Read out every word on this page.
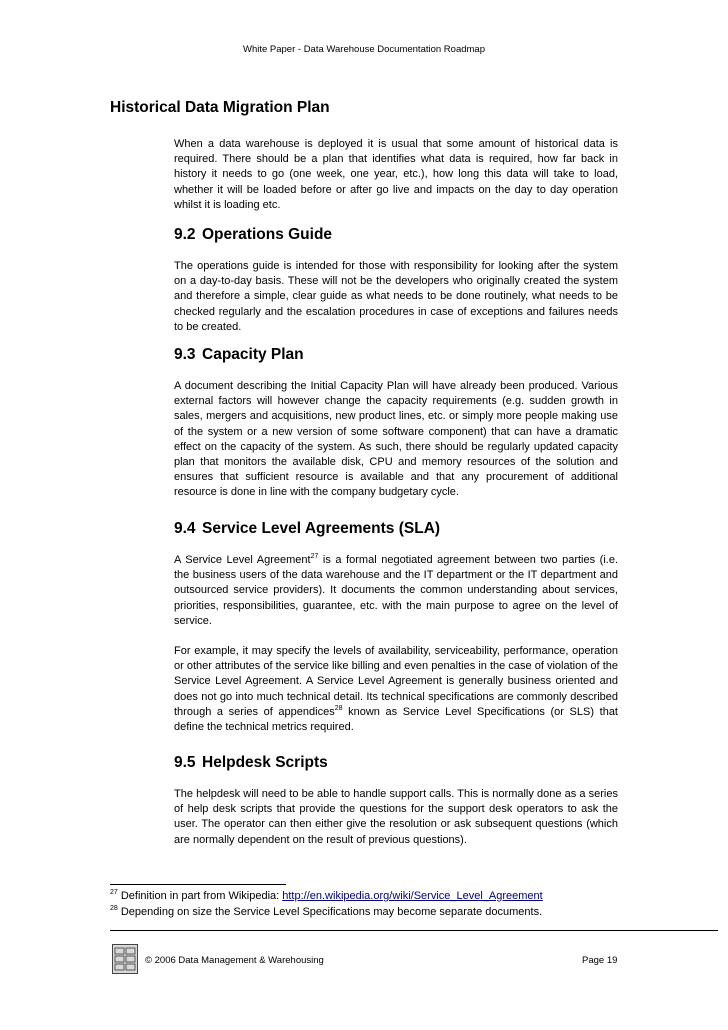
White Paper - Data Warehouse Documentation Roadmap
Historical Data Migration Plan

When a data warehouse is deployed it is usual that some amount of historical data is required. There should be a plan that identifies what data is required, how far back in history it needs to go (one week, one year, etc.), how long this data will take to load, whether it will be loaded before or after go live and impacts on the day to day operation whilst it is loading etc.

9.2 Operations Guide

The operations guide is intended for those with responsibility for looking after the system on a day-to-day basis. These will not be the developers who originally created the system and therefore a simple, clear guide as what needs to be done routinely, what needs to be checked regularly and the escalation procedures in case of exceptions and failures needs to be created.

9.3 Capacity Plan

A document describing the Initial Capacity Plan will have already been produced. Various external factors will however change the capacity requirements (e.g. sudden growth in sales, mergers and acquisitions, new product lines, etc. or simply more people making use of the system or a new version of some software component) that can have a dramatic effect on the capacity of the system. As such, there should be regularly updated capacity plan that monitors the available disk, CPU and memory resources of the solution and ensures that sufficient resource is available and that any procurement of additional resource is done in line with the company budgetary cycle.

9.4 Service Level Agreements (SLA)

A Service Level Agreement$^{27}$ is a formal negotiated agreement between two parties (i.e. the business users of the data warehouse and the IT department or the IT department and outsourced service providers). It documents the common understanding about services, priorities, responsibilities, guarantee, etc. with the main purpose to agree on the level of service.

For example, it may specify the levels of availability, serviceability, performance, operation or other attributes of the service like billing and even penalties in the case of violation of the Service Level Agreement. A Service Level Agreement is generally business oriented and does not go into much technical detail. Its technical specifications are commonly described through a series of appendices$^{28}$ known as Service Level Specifications (or SLS) that define the technical metrics required.

9.5 Helpdesk Scripts

The helpdesk will need to be able to handle support calls. This is normally done as a series of help desk scripts that provide the questions for the support desk operators to ask the user. The operator can then either give the resolution or ask subsequent questions (which are normally dependent on the result of previous questions).

$^{27}$ Definition in part from Wikipedia: http://en.wikipedia.org/wiki/Service_Level_Agreement
$^{28}$ Depending on size the Service Level Specifications may become separate documents.
© 2006 Data Management & Warehousing	Page 19
